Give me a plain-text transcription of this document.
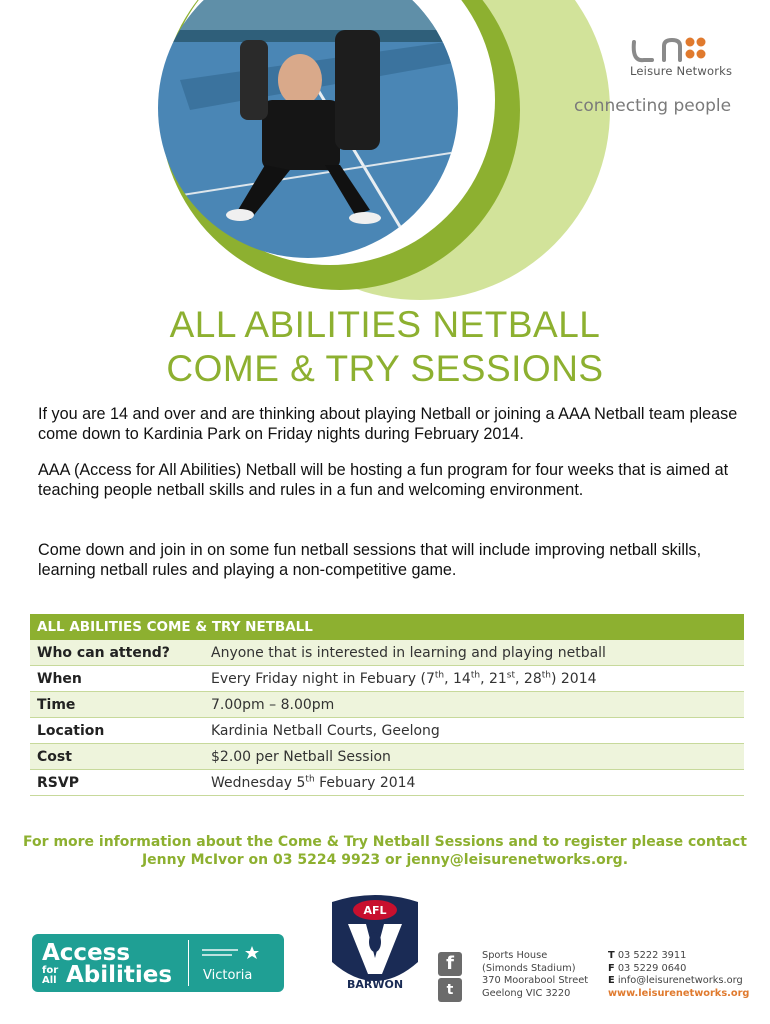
Leisure Networks
connecting people
ALL ABILITIES NETBALL
COME & TRY SESSIONS
If you are 14 and over and are thinking about playing Netball or joining a AAA Netball team please come down to Kardinia Park on Friday nights during February 2014.
AAA (Access for All Abilities) Netball will be hosting a fun program for four weeks that is aimed at teaching people netball skills and rules in a fun and welcoming environment.
Come down and join in on some fun netball sessions that will include improving netball skills, learning netball rules and playing a non-competitive game.
ALL ABILITIES COME & TRY NETBALL
Who can attend?	Anyone that is interested in learning and playing netball
When	Every Friday night in Febuary (7th, 14th, 21st, 28th) 2014
Time	7.00pm – 8.00pm
Location	Kardinia Netball Courts, Geelong
Cost	$2.00 per Netball Session
RSVP	Wednesday 5th Febuary 2014
For more information about the Come & Try Netball Sessions and to register please contact
Jenny McIvor on 03 5224 9923 or jenny@leisurenetworks.org.
Access
for
All Abilities Victoria
AFL
BARWON
f
t
Sports House
(Simonds Stadium)
370 Moorabool Street
Geelong VIC 3220
T 03 5222 3911
F 03 5229 0640
E info@leisurenetworks.org
www.leisurenetworks.org
